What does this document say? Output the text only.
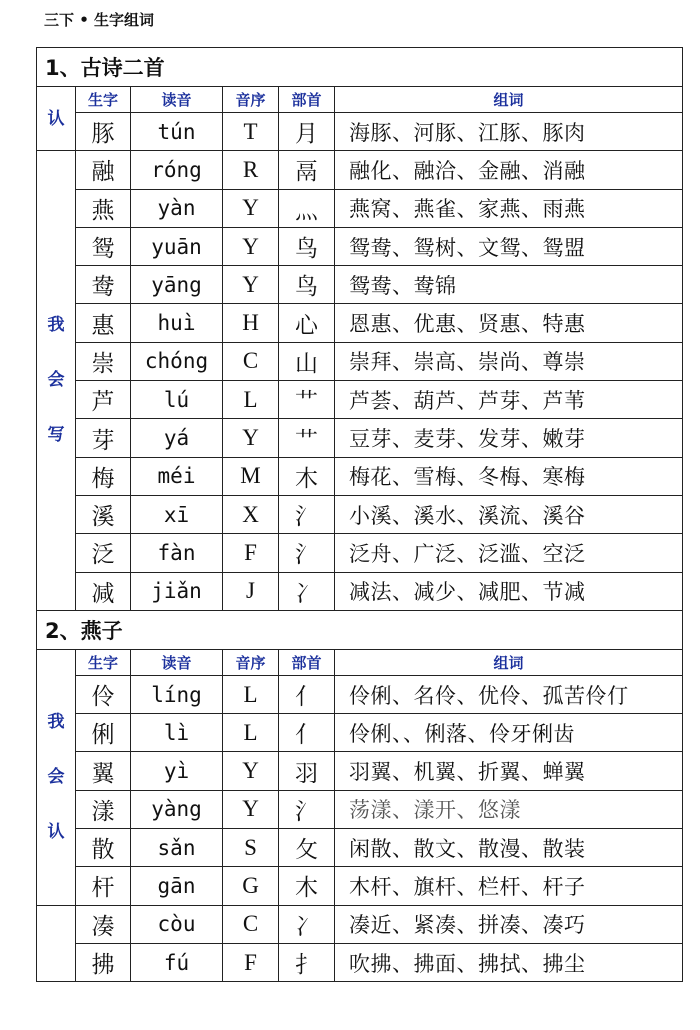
三下 • 生字组词
1、古诗二首					

认	生字	读音	音序	部首	组词
	豚	tún	T	月	海豚、河豚、江豚、豚肉

我
会
写	融	róng	R	鬲	融化、融洽、金融、消融
	燕	yàn	Y	灬	燕窝、燕雀、家燕、雨燕
	鸳	yuān	Y	鸟	鸳鸯、鸳树、文鸳、鸳盟
	鸯	yāng	Y	鸟	鸳鸯、鸯锦
	惠	huì	H	心	恩惠、优惠、贤惠、特惠
	崇	chóng	C	山	崇拜、崇高、崇尚、尊崇
	芦	lú	L	艹	芦荟、葫芦、芦芽、芦苇
	芽	yá	Y	艹	豆芽、麦芽、发芽、嫩芽
	梅	méi	M	木	梅花、雪梅、冬梅、寒梅
	溪	xī	X	氵	小溪、溪水、溪流、溪谷
	泛	fàn	F	氵	泛舟、广泛、泛滥、空泛
	减	jiǎn	J	冫	减法、减少、减肥、节减
2、燕子					

我
会
认	生字	读音	音序	部首	组词
	伶	líng	L	亻	伶俐、名伶、优伶、孤苦伶仃
	俐	lì	L	亻	伶俐、、俐落、伶牙俐齿
	翼	yì	Y	羽	羽翼、机翼、折翼、蝉翼
	漾	yàng	Y	氵	荡漾、漾开、悠漾
	散	sǎn	S	攵	闲散、散文、散漫、散装
	杆	gān	G	木	木杆、旗杆、栏杆、杆子
	凑	còu	C	冫	凑近、紧凑、拼凑、凑巧
	拂	fú	F	扌	吹拂、拂面、拂拭、拂尘
